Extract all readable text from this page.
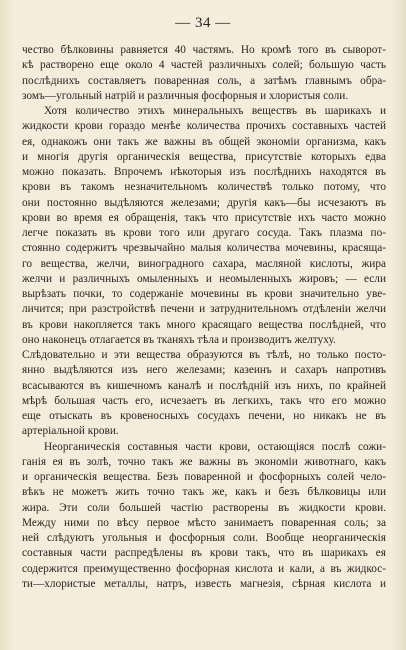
— 34 —
чество бѣлковины равняется 40 частямъ. Но кромѣ того въ сыворот-
кѣ растворено еще около 4 частей различныхъ солей; большую часть
послѣднихъ составляетъ поваренная соль, а затѣмъ главнымъ обра-
зомъ—угольный натрій и различныя фосфорныя и хлористыя соли.
Хотя количество этихъ минеральныхъ веществъ въ шарикахъ и
жидкости крови гораздо менѣе количества прочихъ составныхъ частей
ея, однакожъ они такъ же важны въ общей экономіи организма, какъ
и многія другія органическія вещества, присутствіе которыхъ едва
можно показать. Впрочемъ нѣкоторыя изъ послѣднихъ находятся въ
крови въ такомъ незначительномъ количествѣ только потому, что
они постоянно выдѣляются железами; другія какъ—бы исчезаютъ въ
крови во время ея обращенія, такъ что присутствіе ихъ часто можно
легче показать въ крови того или другаго сосуда. Такъ плазма по-
стоянно содержитъ чрезвычайно малыя количества мочевины, красяща-
го вещества, желчи, виноградного сахара, масляной кислоты, жира
желчи и различныхъ омыленныхъ и неомыленныхъ жировъ; — если
вырѣзать почки, то содержаніе мочевины въ крови значительно уве-
личится; при разстройствѣ печени и затруднительномъ отдѣленіи желчи
въ крови накопляется такъ много красящаго вещества послѣдней, что
оно наконецъ отлагается въ тканяхъ тѣла и производитъ желтуху.
Слѣдовательно и эти вещества образуются въ тѣлѣ, но только посто-
янно выдѣляются изъ него железами; казеинъ и сахаръ напротивъ
всасываются въ кишечномъ каналѣ и послѣдній изъ нихъ, по крайней
мѣрѣ большая часть его, исчезаетъ въ легкихъ, такъ что его можно
еще отыскать въ кровеносныхъ сосудахъ печени, но никакъ не въ
артеріальной крови.
Неорганическія составныя части крови, остающіяся послѣ сожи-
ганія ея въ золѣ, точно такъ же важны въ экономіи животнаго, какъ
и органическія вещества. Безъ поваренной и фосфорныхъ солей чело-
вѣкъ не можетъ жить точно такъ же, какъ и безъ бѣлковицы или
жира. Эти соли большей частію растворены въ жидкости крови.
Между ними по вѣсу первое мѣсто занимаетъ поваренная соль; за
ней слѣдуютъ угольныя и фосфорныя соли. Вообще неорганическія
составныя части распредѣлены въ крови такъ, что въ шарикахъ ея
содержится преимущественно фосфорная кислота и кали, а въ жидкос-
ти—хлористые металлы, натръ, известь магнезія, сѣрная кислота и
